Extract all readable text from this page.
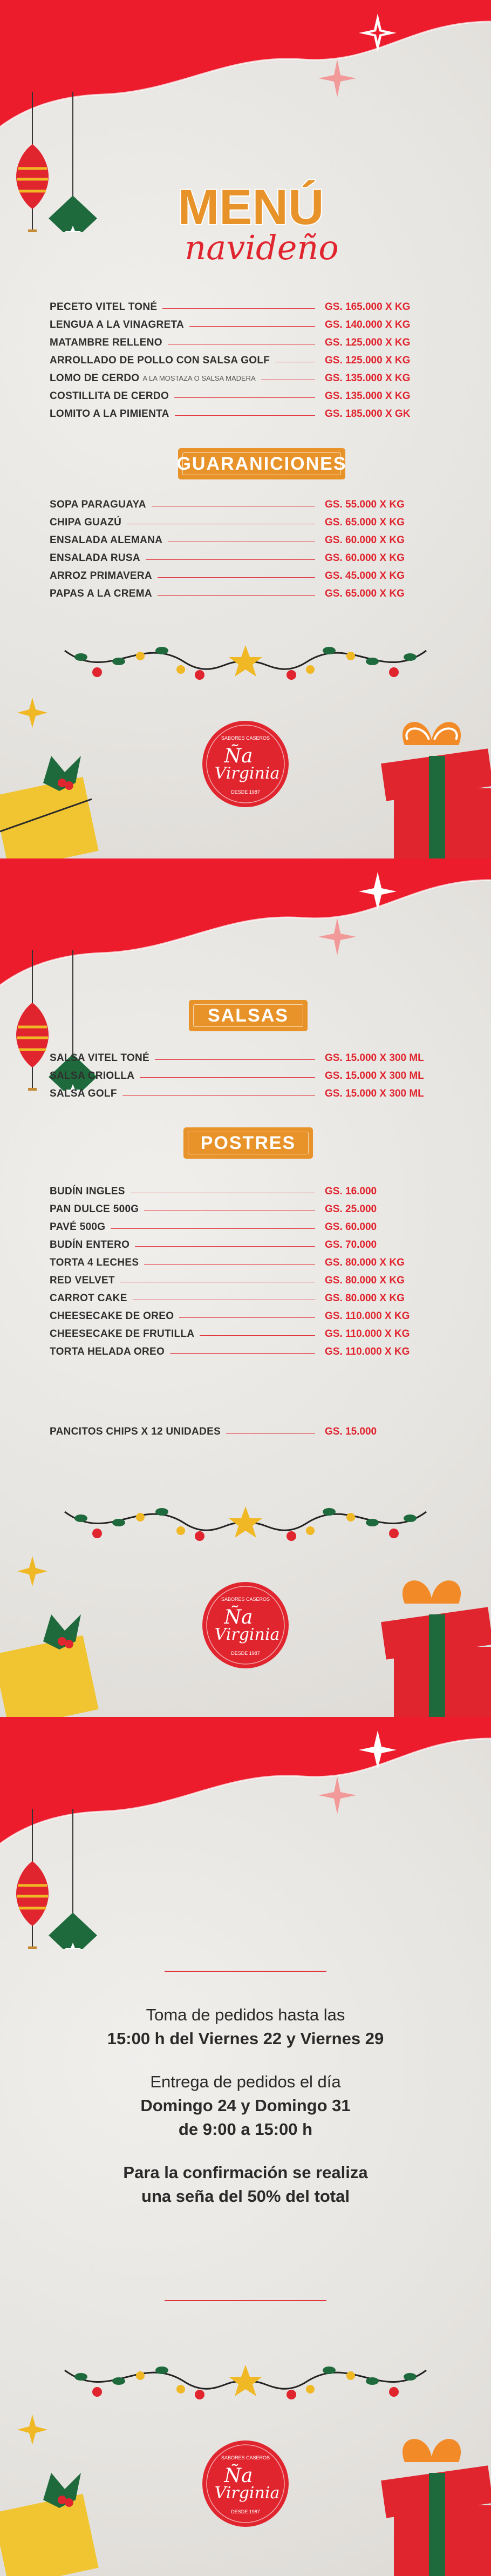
MENÚ
navideño
PECETO VITEL TONÉ	GS. 165.000 X KG
LENGUA A LA VINAGRETA	GS. 140.000 X KG
MATAMBRE RELLENO	GS. 125.000 X KG
ARROLLADO DE POLLO CON SALSA GOLF	GS. 125.000 X KG
LOMO DE CERDO A LA MOSTAZA O SALSA MADERA	GS. 135.000 X KG
COSTILLITA DE CERDO	GS. 135.000 X KG
LOMITO A LA PIMIENTA	GS. 185.000 X GK
GUARANICIONES
SOPA PARAGUAYA	GS. 55.000 X KG
CHIPA GUAZÚ	GS. 65.000 X KG
ENSALADA ALEMANA	GS. 60.000 X KG
ENSALADA RUSA	GS. 60.000 X KG
ARROZ PRIMAVERA	GS. 45.000 X KG
PAPAS A LA CREMA	GS. 65.000 X KG
SABORES CASEROS
Ña
Virginia
DESDE 1987
SALSAS
SALSA VITEL TONÉ	GS. 15.000 X 300 ML
SALSA CRIOLLA	GS. 15.000 X 300 ML
SALSA GOLF	GS. 15.000 X 300 ML
POSTRES
BUDÍN INGLES	GS. 16.000
PAN DULCE 500G	GS. 25.000
PAVÉ 500G	GS. 60.000
BUDÍN ENTERO	GS. 70.000
TORTA 4 LECHES	GS. 80.000 X KG
RED VELVET	GS. 80.000 X KG
CARROT CAKE	GS. 80.000 X KG
CHEESECAKE DE OREO	GS. 110.000 X KG
CHEESECAKE DE FRUTILLA	GS. 110.000 X KG
TORTA HELADA OREO	GS. 110.000 X KG
PANCITOS CHIPS X 12 UNIDADES	GS. 15.000
SABORES CASEROS
Ña
Virginia
DESDE 1987

Toma de pedidos hasta las

15:00 h del Viernes 22 y Viernes 29

Entrega de pedidos el día

Domingo 24 y Domingo 31

de 9:00 a 15:00 h

Para la confirmación se realiza

una seña del 50% del total

SABORES CASEROS
Ña
Virginia
DESDE 1987
